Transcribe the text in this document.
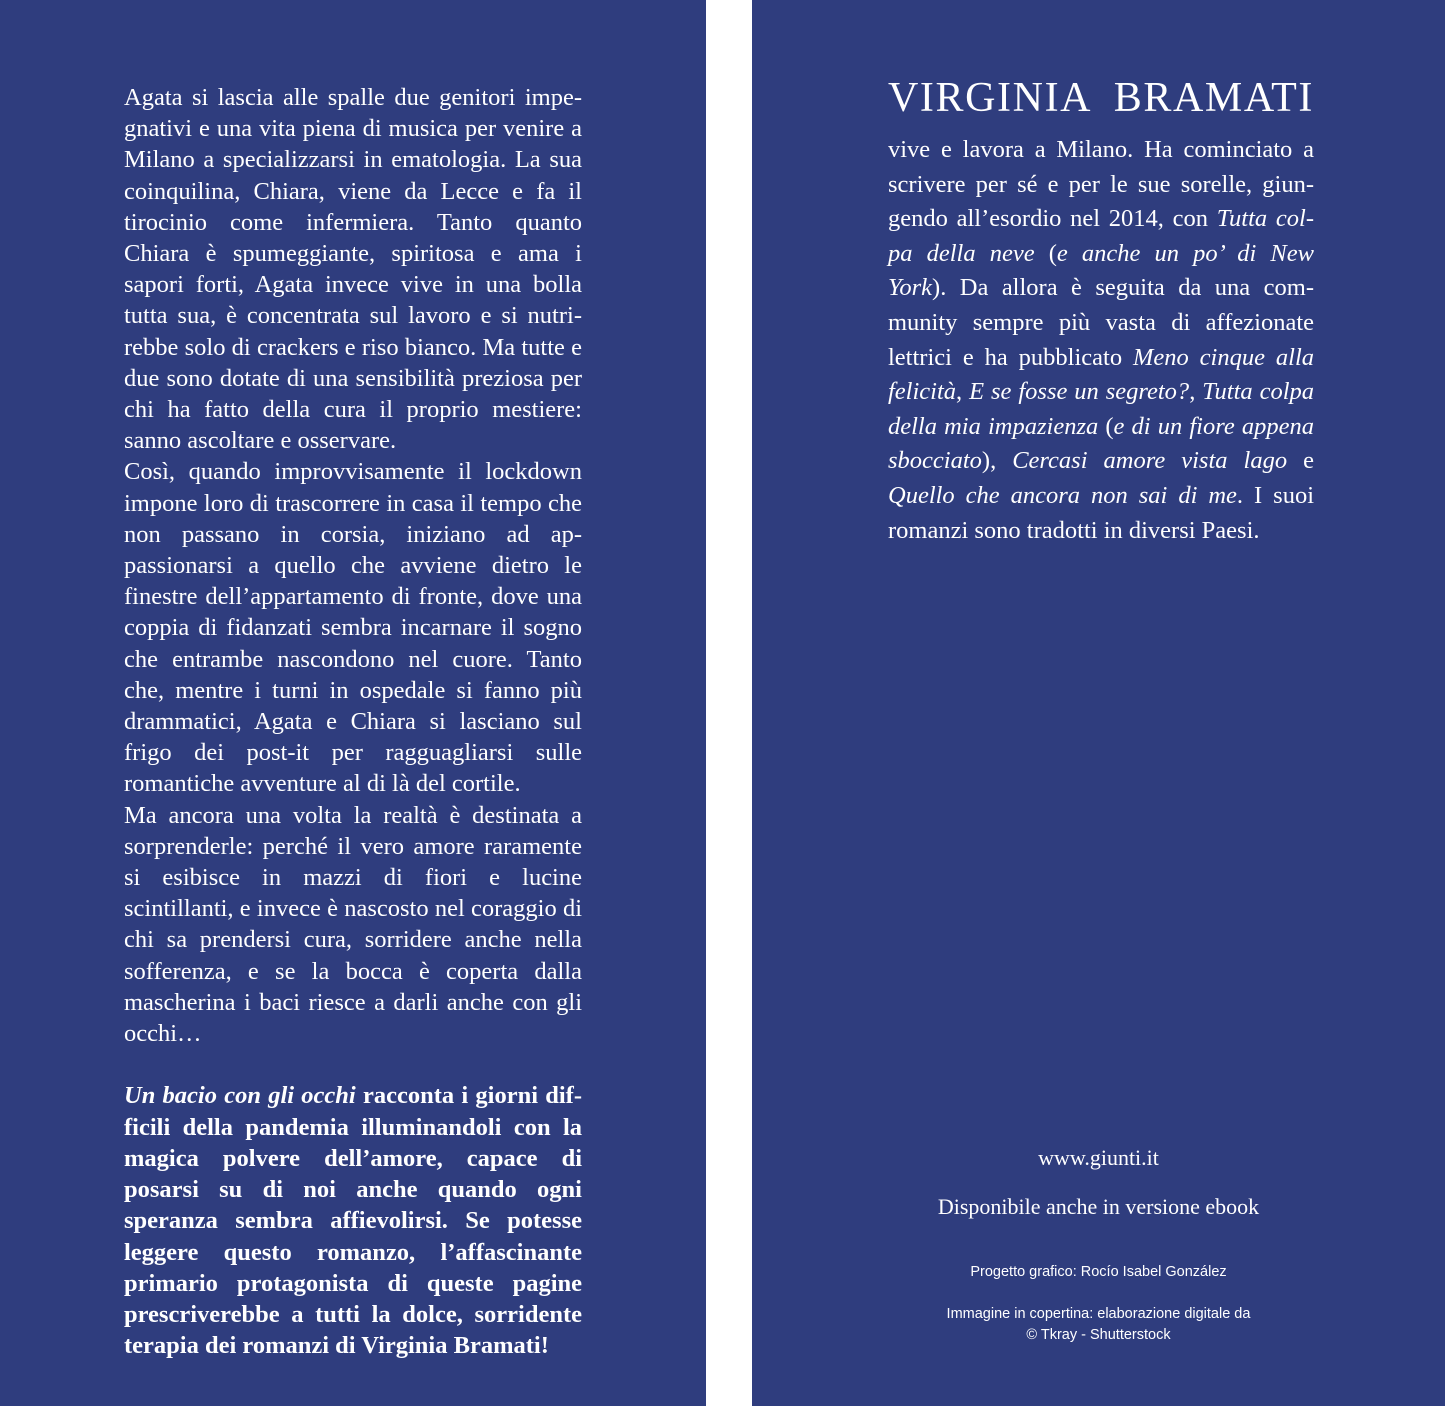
Agata si lascia alle spalle due genitori impegnativi e una vita piena di musica per venire a Milano a specializzarsi in ematologia. La sua coinquilina, Chiara, viene da Lecce e fa il tirocinio come infermiera. Tanto quanto Chiara è spumeggiante, spiritosa e ama i sapori forti, Agata invece vive in una bolla tutta sua, è concentrata sul lavoro e si nutrirebbe solo di crackers e riso bianco. Ma tutte e due sono dotate di una sensibilità preziosa per chi ha fatto della cura il proprio mestiere: sanno ascoltare e osservare.

Così, quando improvvisamente il lockdown impone loro di trascorrere in casa il tempo che non passano in corsia, iniziano ad appassionarsi a quello che avviene dietro le finestre dell’appartamento di fronte, dove una coppia di fidanzati sembra incarnare il sogno che entrambe nascondono nel cuore. Tanto che, mentre i turni in ospedale si fanno più drammatici, Agata e Chiara si lasciano sul frigo dei post-it per ragguagliarsi sulle romantiche avventure al di là del cortile.

Ma ancora una volta la realtà è destinata a sorprenderle: perché il vero amore raramente si esibisce in mazzi di fiori e lucine scintillanti, e invece è nascosto nel coraggio di chi sa prendersi cura, sorridere anche nella sofferenza, e se la bocca è coperta dalla mascherina i baci riesce a darli anche con gli occhi…

Un bacio con gli occhi racconta i giorni difficili della pandemia illuminandoli con la magica polvere dell’amore, capace di posarsi su di noi anche quando ogni speranza sembra affievolirsi. Se potesse leggere questo romanzo, l’affascinante primario protagonista di queste pagine prescriverebbe a tutti la dolce, sorridente terapia dei romanzi di Virginia Bramati!

VIRGINIA BRAMATI
vive e lavora a Milano. Ha cominciato a scrivere per sé e per le sue sorelle, giungendo all’esordio nel 2014, con Tutta colpa della neve (e anche un po’ di New York). Da allora è seguita da una community sempre più vasta di affezionate lettrici e ha pubblicato Meno cinque alla felicità, E se fosse un segreto?, Tutta colpa della mia impazienza (e di un fiore appena sbocciato), Cercasi amore vista lago e Quello che ancora non sai di me. I suoi romanzi sono tradotti in diversi Paesi.
www.giunti.it
Disponibile anche in versione ebook
Progetto grafico: Rocío Isabel González
Immagine in copertina: elaborazione digitale da
© Tkray - Shutterstock
